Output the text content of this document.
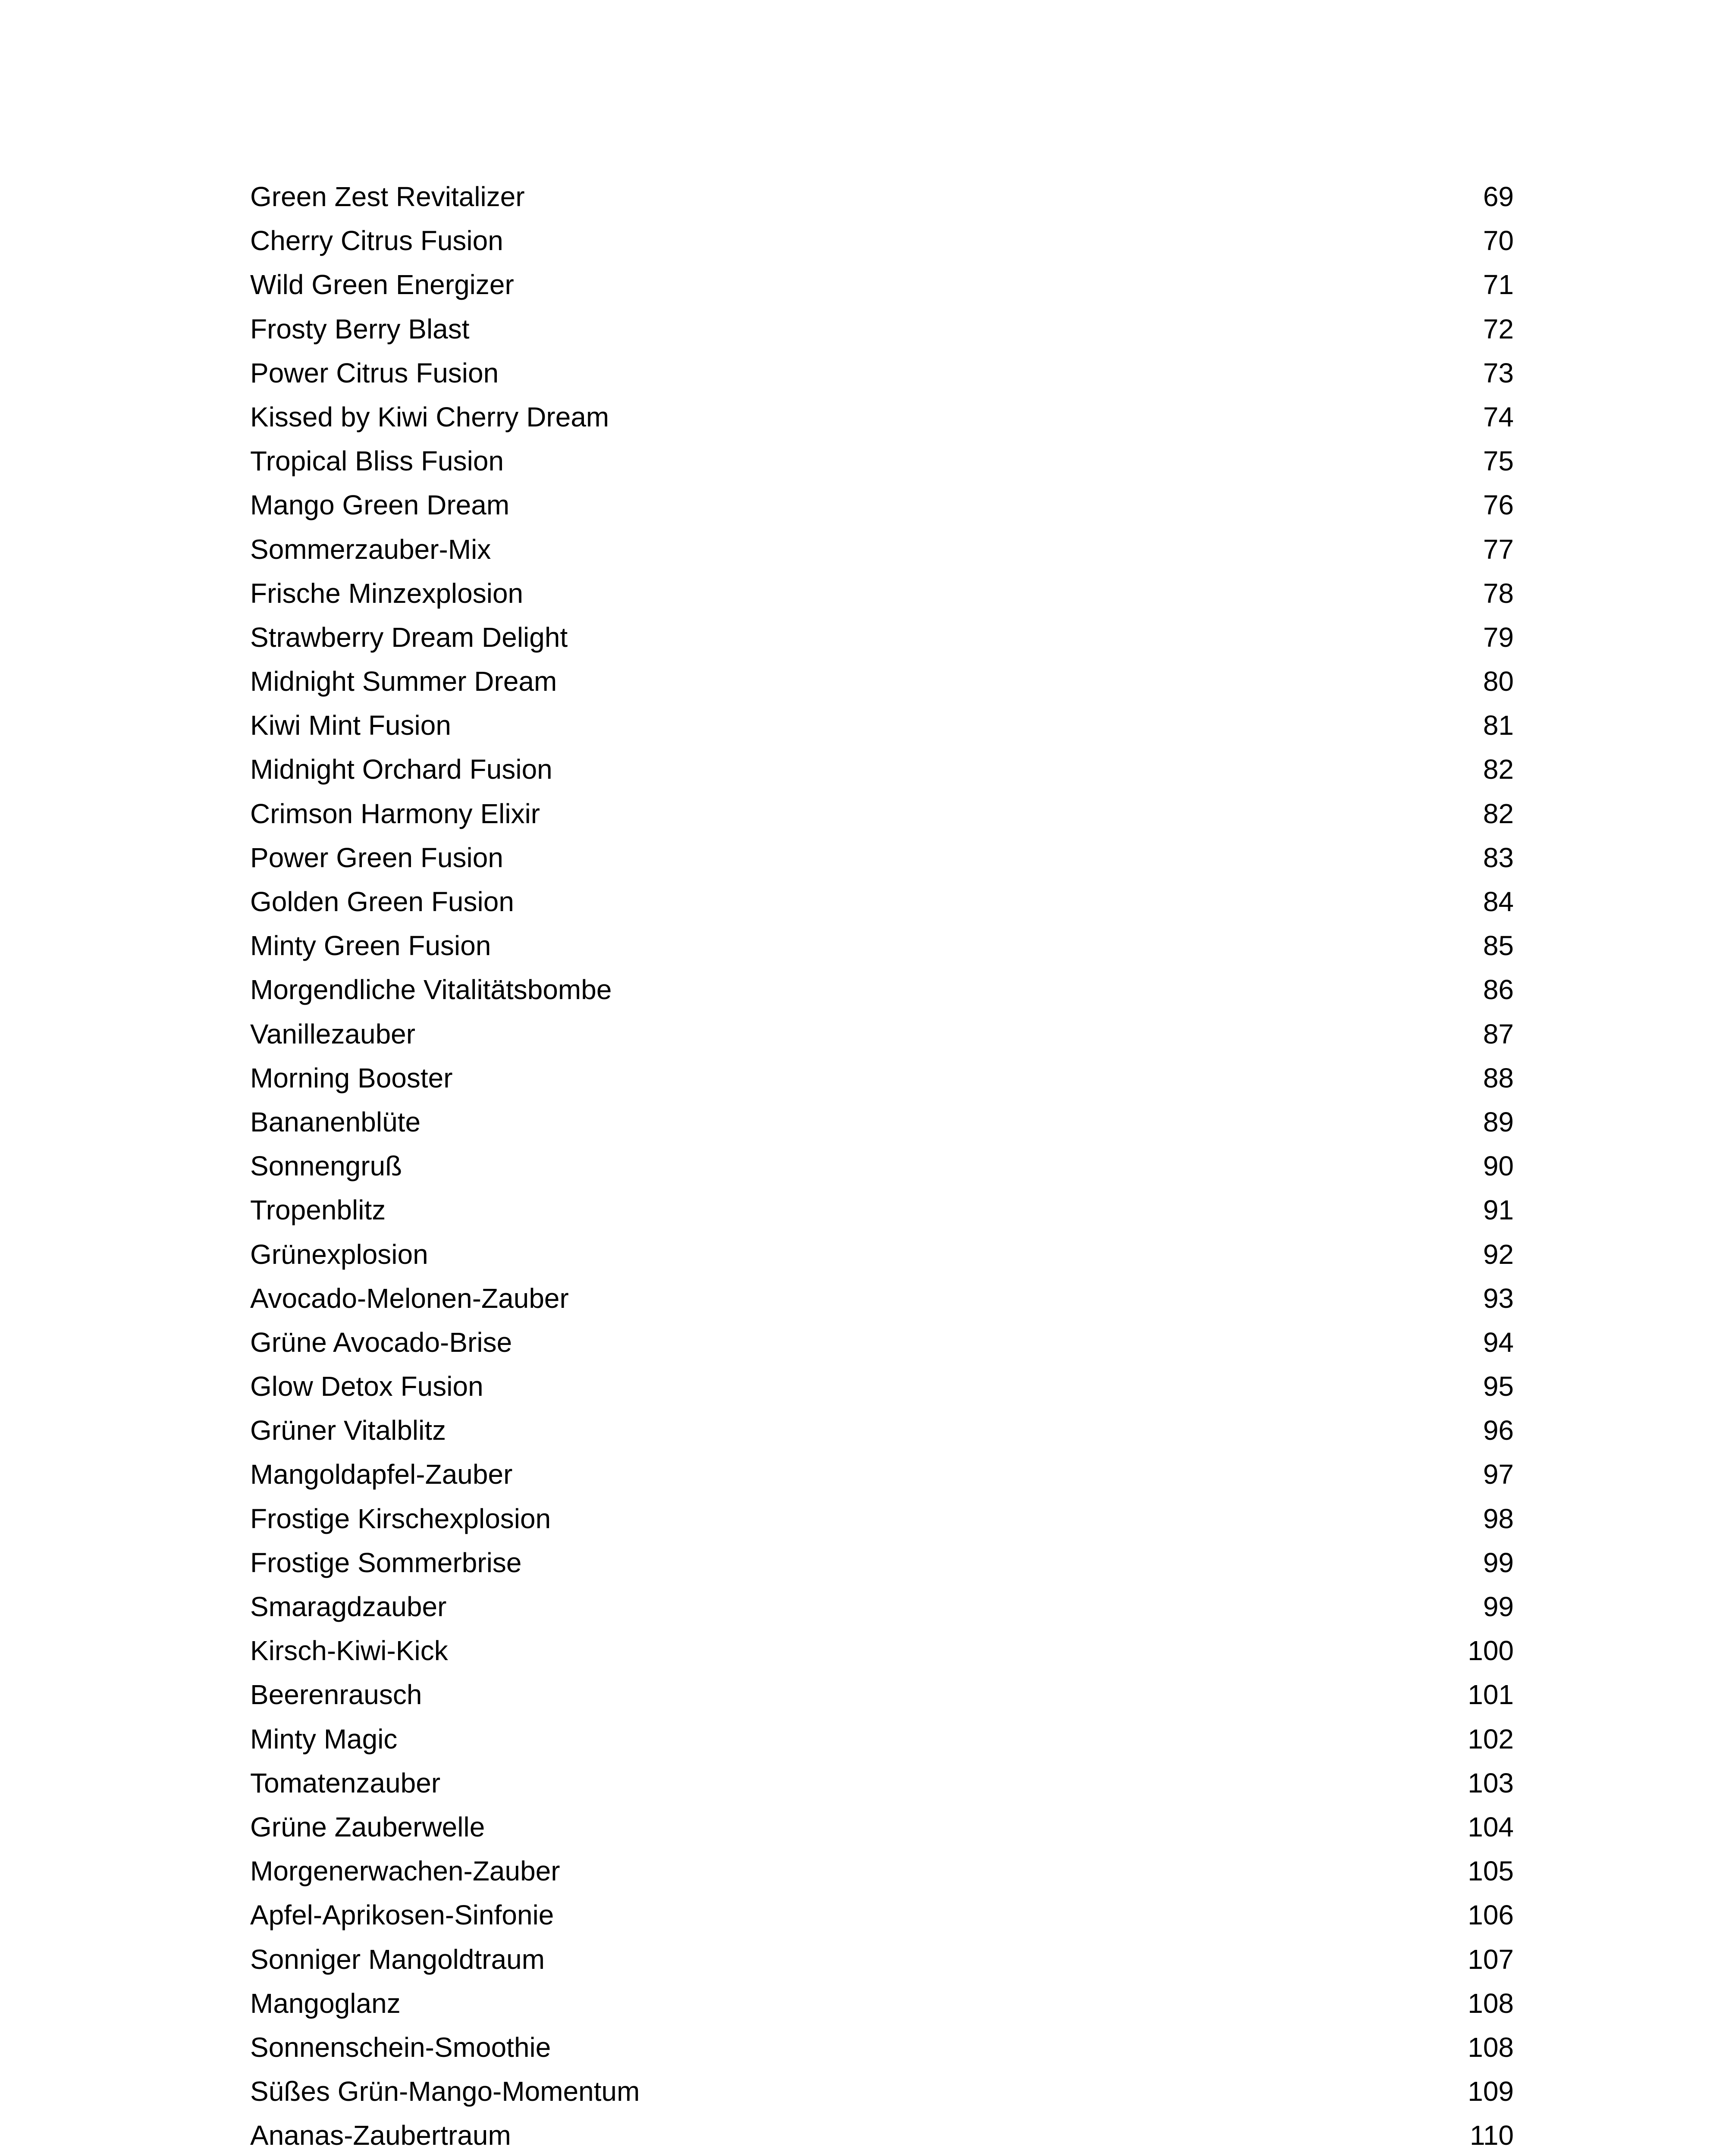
Green Zest Revitalizer	69
Cherry Citrus Fusion	70
Wild Green Energizer	71
Frosty Berry Blast	72
Power Citrus Fusion	73
Kissed by Kiwi Cherry Dream	74
Tropical Bliss Fusion	75
Mango Green Dream	76
Sommerzauber-Mix	77
Frische Minzexplosion	78
Strawberry Dream Delight	79
Midnight Summer Dream	80
Kiwi Mint Fusion	81
Midnight Orchard Fusion	82
Crimson Harmony Elixir	82
Power Green Fusion	83
Golden Green Fusion	84
Minty Green Fusion	85
Morgendliche Vitalitätsbombe	86
Vanillezauber	87
Morning Booster	88
Bananenblüte	89
Sonnengruß	90
Tropenblitz	91
Grünexplosion	92
Avocado-Melonen-Zauber	93
Grüne Avocado-Brise	94
Glow Detox Fusion	95
Grüner Vitalblitz	96
Mangoldapfel-Zauber	97
Frostige Kirschexplosion	98
Frostige Sommerbrise	99
Smaragdzauber	99
Kirsch-Kiwi-Kick	100
Beerenrausch	101
Minty Magic	102
Tomatenzauber	103
Grüne Zauberwelle	104
Morgenerwachen-Zauber	105
Apfel-Aprikosen-Sinfonie	106
Sonniger Mangoldtraum	107
Mangoglanz	108
Sonnenschein-Smoothie	108
Süßes Grün-Mango-Momentum	109
Ananas-Zaubertraum	110
